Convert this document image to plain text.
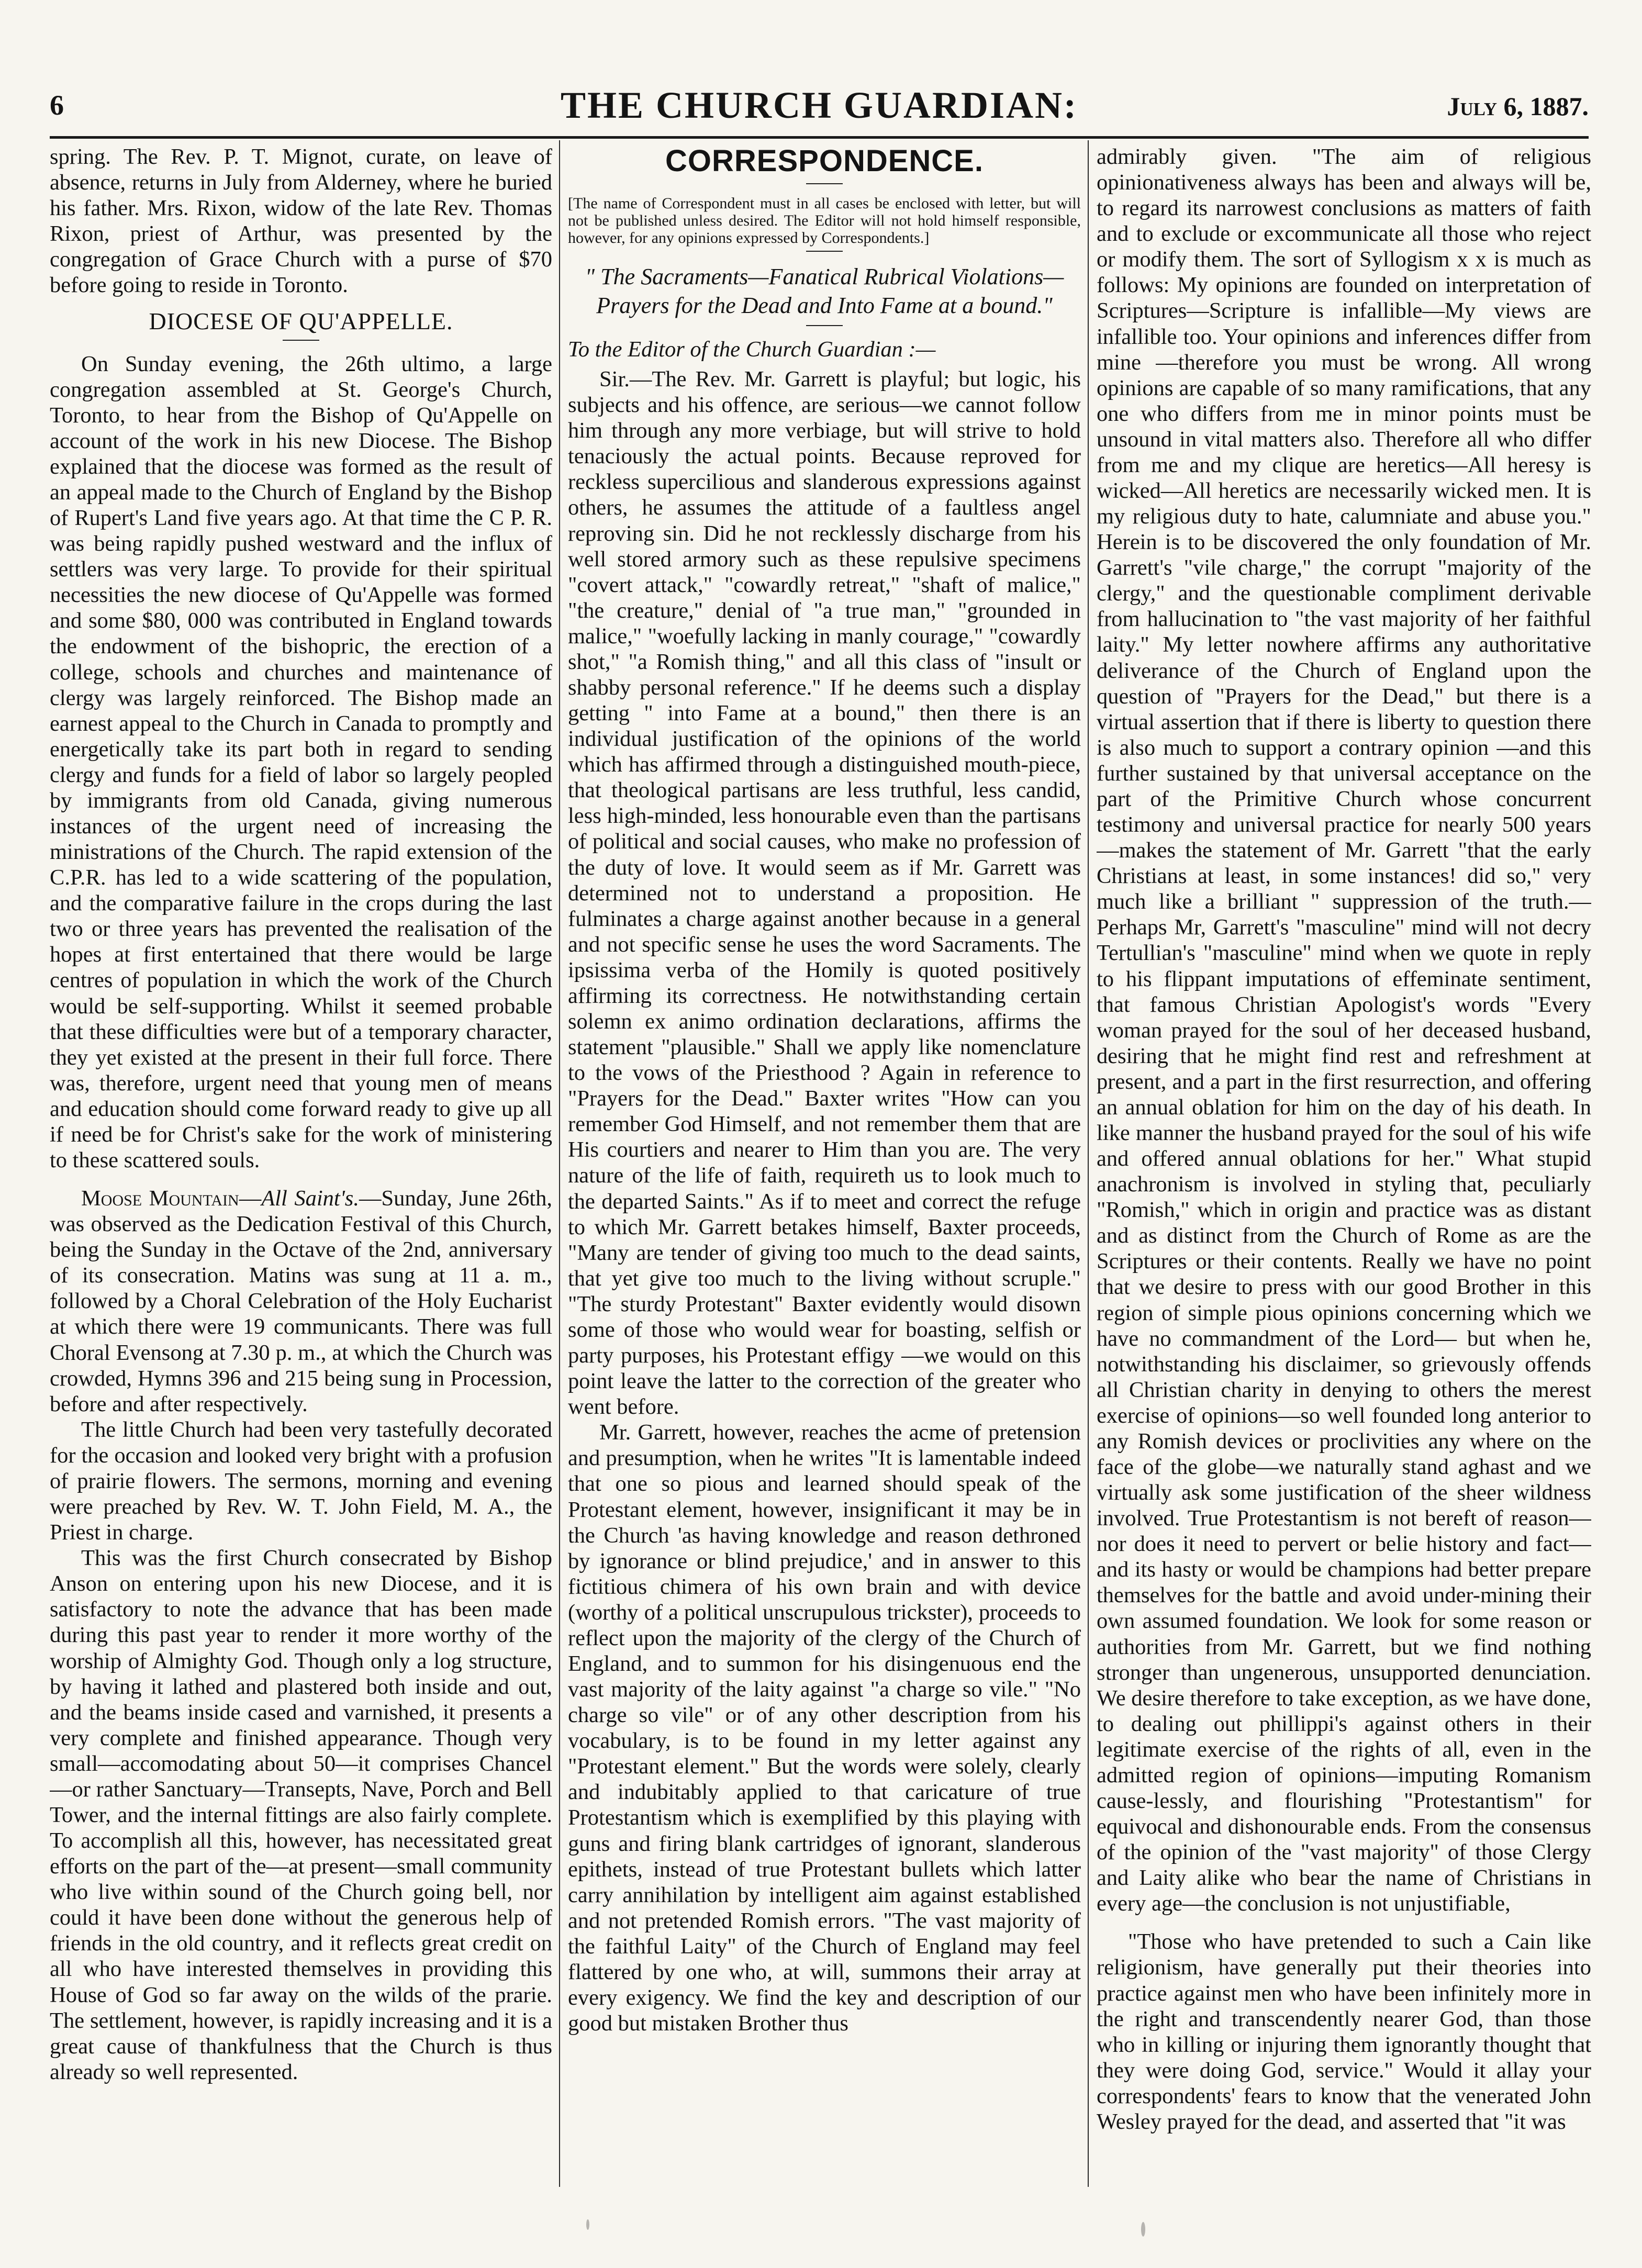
6	THE CHURCH GUARDIAN:	July 6, 1887.

spring. The Rev. P. T. Mignot, curate, on leave of absence, returns in July from Alderney, where he buried his father. Mrs. Rixon, widow of the late Rev. Thomas Rixon, priest of Arthur, was presented by the congregation of Grace Church with a purse of $70 before going to reside in Toronto.

DIOCESE OF QU'APPELLE.

On Sunday evening, the 26th ultimo, a large congregation assembled at St. George's Church, Toronto, to hear from the Bishop of Qu'Appelle on account of the work in his new Diocese. The Bishop explained that the diocese was formed as the result of an appeal made to the Church of England by the Bishop of Rupert's Land five years ago. At that time the C P. R. was being rapidly pushed westward and the influx of settlers was very large. To provide for their spiritual necessities the new diocese of Qu'Appelle was formed and some $80, 000 was contributed in England towards the endowment of the bishopric, the erection of a college, schools and churches and maintenance of clergy was largely reinforced. The Bishop made an earnest appeal to the Church in Canada to promptly and energetically take its part both in regard to sending clergy and funds for a field of labor so largely peopled by immigrants from old Canada, giving numerous instances of the urgent need of increasing the ministrations of the Church. The rapid extension of the C.P.R. has led to a wide scattering of the population, and the comparative failure in the crops during the last two or three years has prevented the realisation of the hopes at first entertained that there would be large centres of population in which the work of the Church would be self-supporting. Whilst it seemed probable that these difficulties were but of a temporary character, they yet existed at the present in their full force. There was, therefore, urgent need that young men of means and education should come forward ready to give up all if need be for Christ's sake for the work of ministering to these scattered souls.

Moose Mountain—All Saint's.—Sunday, June 26th, was observed as the Dedication Festival of this Church, being the Sunday in the Octave of the 2nd, anniversary of its consecration. Matins was sung at 11 a. m., followed by a Choral Celebration of the Holy Eucharist at which there were 19 communicants. There was full Choral Evensong at 7.30 p. m., at which the Church was crowded, Hymns 396 and 215 being sung in Procession, before and after respectively.

The little Church had been very tastefully decorated for the occasion and looked very bright with a profusion of prairie flowers. The sermons, morning and evening were preached by Rev. W. T. John Field, M. A., the Priest in charge.

This was the first Church consecrated by Bishop Anson on entering upon his new Diocese, and it is satisfactory to note the advance that has been made during this past year to render it more worthy of the worship of Almighty God. Though only a log structure, by having it lathed and plastered both inside and out, and the beams inside cased and varnished, it presents a very complete and finished appearance. Though very small—accomodating about 50—it comprises Chancel—or rather Sanctuary—Transepts, Nave, Porch and Bell Tower, and the internal fittings are also fairly complete. To accomplish all this, however, has necessitated great efforts on the part of the—at present—small community who live within sound of the Church going bell, nor could it have been done without the generous help of friends in the old country, and it reflects great credit on all who have interested themselves in providing this House of God so far away on the wilds of the prarie. The settlement, however, is rapidly increasing and it is a great cause of thankfulness that the Church is thus already so well represented.

CORRESPONDENCE.

[The name of Correspondent must in all cases be enclosed with letter, but will not be published unless desired. The Editor will not hold himself responsible, however, for any opinions expressed by Correspondents.]

" The Sacraments—Fanatical Rubrical Violations—Prayers for the Dead and Into Fame at a bound."

To the Editor of the Church Guardian :—

Sir.—The Rev. Mr. Garrett is playful; but logic, his subjects and his offence, are serious—we cannot follow him through any more verbiage, but will strive to hold tenaciously the actual points. Because reproved for reckless supercilious and slanderous expressions against others, he assumes the attitude of a faultless angel reproving sin. Did he not recklessly discharge from his well stored armory such as these repulsive specimens "covert attack," "cowardly retreat," "shaft of malice," "the creature," denial of "a true man," "grounded in malice," "woefully lacking in manly courage," "cowardly shot," "a Romish thing," and all this class of "insult or shabby personal reference." If he deems such a display getting " into Fame at a bound," then there is an individual justification of the opinions of the world which has affirmed through a distinguished mouth-piece, that theological partisans are less truthful, less candid, less high-minded, less honourable even than the partisans of political and social causes, who make no profession of the duty of love. It would seem as if Mr. Garrett was determined not to understand a proposition. He fulminates a charge against another because in a general and not specific sense he uses the word Sacraments. The ipsissima verba of the Homily is quoted positively affirming its correctness. He notwithstanding certain solemn ex animo ordination declarations, affirms the statement "plausible." Shall we apply like nomenclature to the vows of the Priesthood ? Again in reference to "Prayers for the Dead." Baxter writes "How can you remember God Himself, and not remember them that are His courtiers and nearer to Him than you are. The very nature of the life of faith, requireth us to look much to the departed Saints." As if to meet and correct the refuge to which Mr. Garrett betakes himself, Baxter proceeds, "Many are tender of giving too much to the dead saints, that yet give too much to the living without scruple." "The sturdy Protestant" Baxter evidently would disown some of those who would wear for boasting, selfish or party purposes, his Protestant effigy —we would on this point leave the latter to the correction of the greater who went before.

Mr. Garrett, however, reaches the acme of pretension and presumption, when he writes "It is lamentable indeed that one so pious and learned should speak of the Protestant element, however, insignificant it may be in the Church 'as having knowledge and reason dethroned by ignorance or blind prejudice,' and in answer to this fictitious chimera of his own brain and with device (worthy of a political unscrupulous trickster), proceeds to reflect upon the majority of the clergy of the Church of England, and to summon for his disingenuous end the vast majority of the laity against "a charge so vile." "No charge so vile" or of any other description from his vocabulary, is to be found in my letter against any "Protestant element." But the words were solely, clearly and indubitably applied to that caricature of true Protestantism which is exemplified by this playing with guns and firing blank cartridges of ignorant, slanderous epithets, instead of true Protestant bullets which latter carry annihilation by intelligent aim against established and not pretended Romish errors. "The vast majority of the faithful Laity" of the Church of England may feel flattered by one who, at will, summons their array at every exigency. We find the key and description of our good but mistaken Brother thus

admirably given. "The aim of religious opinionativeness always has been and always will be, to regard its narrowest conclusions as matters of faith and to exclude or excommunicate all those who reject or modify them. The sort of Syllogism x x is much as follows: My opinions are founded on interpretation of Scriptures—Scripture is infallible—My views are infallible too. Your opinions and inferences differ from mine —therefore you must be wrong. All wrong opinions are capable of so many ramifications, that any one who differs from me in minor points must be unsound in vital matters also. Therefore all who differ from me and my clique are heretics—All heresy is wicked—All heretics are necessarily wicked men. It is my religious duty to hate, calumniate and abuse you." Herein is to be discovered the only foundation of Mr. Garrett's "vile charge," the corrupt "majority of the clergy," and the questionable compliment derivable from hallucination to "the vast majority of her faithful laity." My letter nowhere affirms any authoritative deliverance of the Church of England upon the question of "Prayers for the Dead," but there is a virtual assertion that if there is liberty to question there is also much to support a contrary opinion —and this further sustained by that universal acceptance on the part of the Primitive Church whose concurrent testimony and universal practice for nearly 500 years—makes the statement of Mr. Garrett "that the early Christians at least, in some instances! did so," very much like a brilliant " suppression of the truth.—Perhaps Mr, Garrett's "masculine" mind will not decry Tertullian's "masculine" mind when we quote in reply to his flippant imputations of effeminate sentiment, that famous Christian Apologist's words "Every woman prayed for the soul of her deceased husband, desiring that he might find rest and refreshment at present, and a part in the first resurrection, and offering an annual oblation for him on the day of his death. In like manner the husband prayed for the soul of his wife and offered annual oblations for her." What stupid anachronism is involved in styling that, peculiarly "Romish," which in origin and practice was as distant and as distinct from the Church of Rome as are the Scriptures or their contents. Really we have no point that we desire to press with our good Brother in this region of simple pious opinions concerning which we have no commandment of the Lord— but when he, notwithstanding his disclaimer, so grievously offends all Christian charity in denying to others the merest exercise of opinions—so well founded long anterior to any Romish devices or proclivities any where on the face of the globe—we naturally stand aghast and we virtually ask some justification of the sheer wildness involved. True Protestantism is not bereft of reason—nor does it need to pervert or belie history and fact—and its hasty or would be champions had better prepare themselves for the battle and avoid under-mining their own assumed foundation. We look for some reason or authorities from Mr. Garrett, but we find nothing stronger than ungenerous, unsupported denunciation. We desire therefore to take exception, as we have done, to dealing out phillippi's against others in their legitimate exercise of the rights of all, even in the admitted region of opinions—imputing Romanism cause-lessly, and flourishing "Protestantism" for equivocal and dishonourable ends. From the consensus of the opinion of the "vast majority" of those Clergy and Laity alike who bear the name of Christians in every age—the conclusion is not unjustifiable,

"Those who have pretended to such a Cain like religionism, have generally put their theories into practice against men who have been infinitely more in the right and transcendently nearer God, than those who in killing or injuring them ignorantly thought that they were doing God, service." Would it allay your correspondents' fears to know that the venerated John Wesley prayed for the dead, and asserted that "it was
